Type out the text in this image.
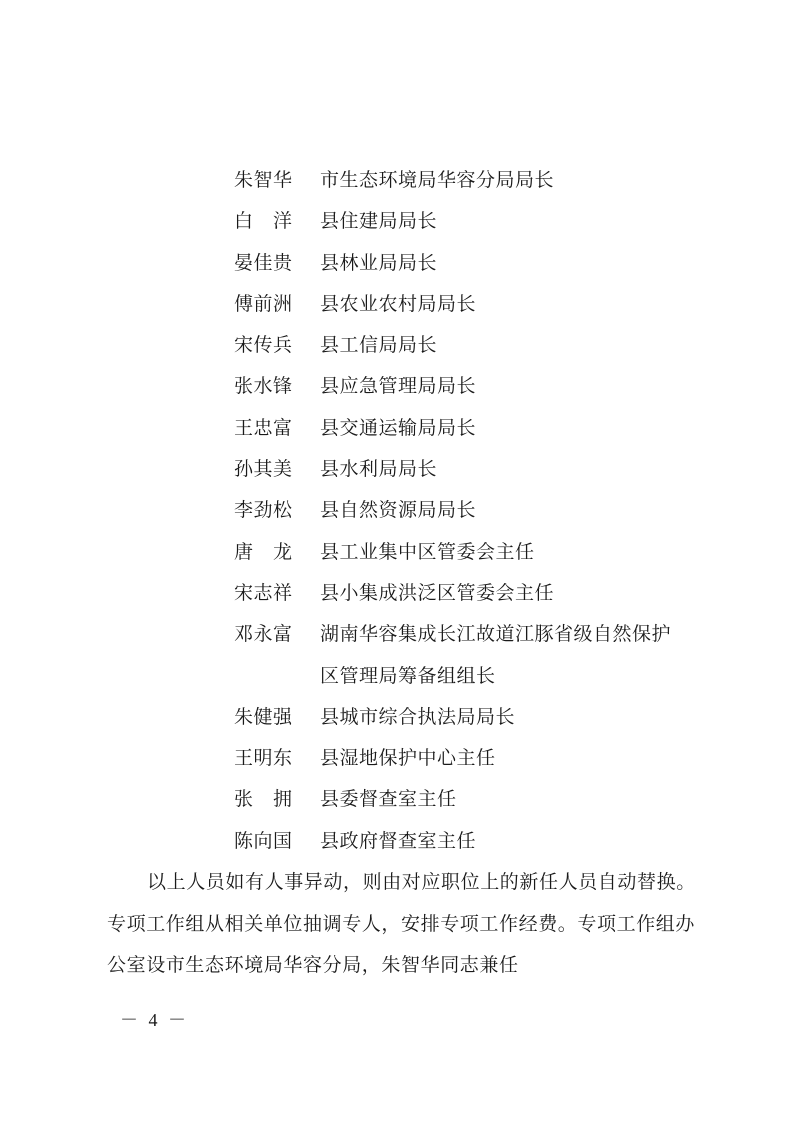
朱智华	市生态环境局华容分局局长
白　洋	县住建局局长
晏佳贵	县林业局局长
傅前洲	县农业农村局局长
宋传兵	县工信局局长
张水锋	县应急管理局局长
王忠富	县交通运输局局长
孙其美	县水利局局长
李劲松	县自然资源局局长
唐　龙	县工业集中区管委会主任
宋志祥	县小集成洪泛区管委会主任
邓永富	湖南华容集成长江故道江豚省级自然保护区管理局筹备组组长
朱健强	县城市综合执法局局长
王明东	县湿地保护中心主任
张　拥	县委督查室主任
陈向国	县政府督查室主任

以上人员如有人事异动，则由对应职位上的新任人员自动替换。专项工作组从相关单位抽调专人，安排专项工作经费。专项工作组办公室设市生态环境局华容分局，朱智华同志兼任

－ 4 －
